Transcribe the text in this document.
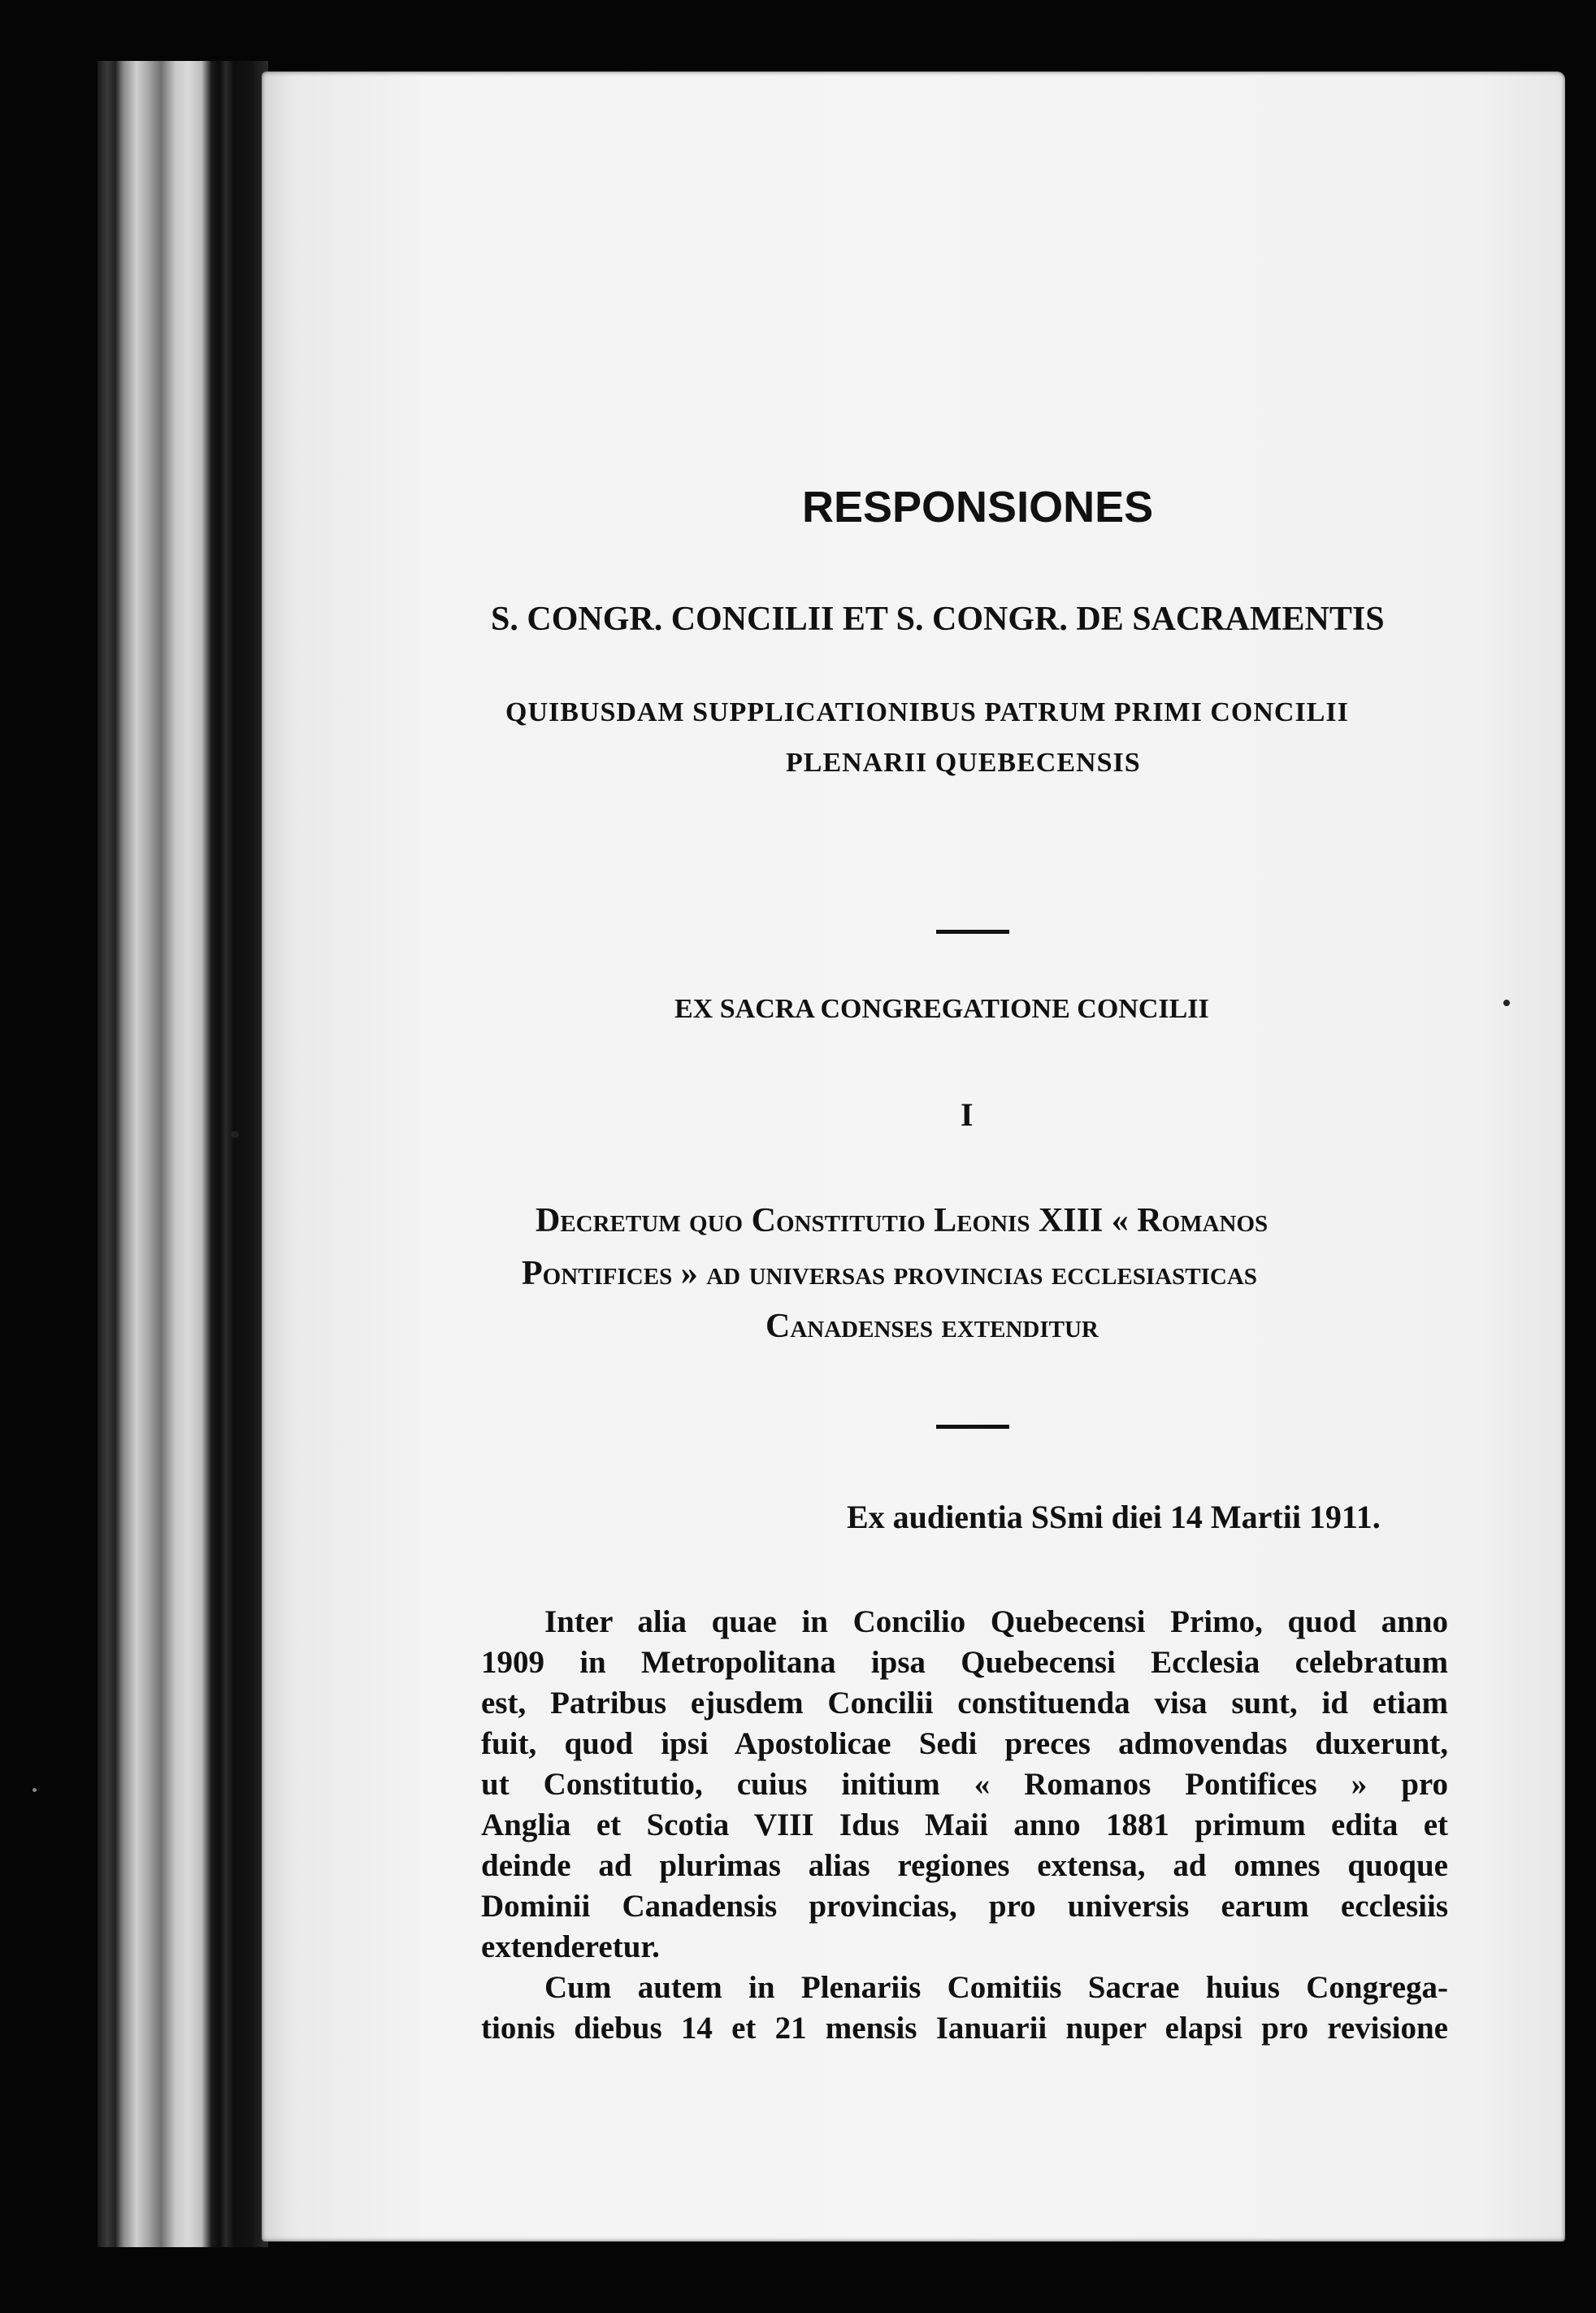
RESPONSIONES
S. CONGR. CONCILII ET S. CONGR. DE SACRAMENTIS
QUIBUSDAM SUPPLICATIONIBUS PATRUM PRIMI CONCILII
PLENARII QUEBECENSIS
EX SACRA CONGREGATIONE CONCILII
I
Decretum quo Constitutio Leonis XIII « Romanos
Pontifices » ad universas provincias ecclesiasticas
Canadenses extenditur
Ex audientia SSmi diei 14 Martii 1911.
Inter alia quae in Concilio Quebecensi Primo, quod anno
1909 in Metropolitana ipsa Quebecensi Ecclesia celebratum
est, Patribus ejusdem Concilii constituenda visa sunt, id etiam
fuit, quod ipsi Apostolicae Sedi preces admovendas duxerunt,
ut Constitutio, cuius initium « Romanos Pontifices » pro
Anglia et Scotia VIII Idus Maii anno 1881 primum edita et
deinde ad plurimas alias regiones extensa, ad omnes quoque
Dominii Canadensis provincias, pro universis earum ecclesiis
extenderetur.
Cum autem in Plenariis Comitiis Sacrae huius Congrega-
tionis diebus 14 et 21 mensis Ianuarii nuper elapsi pro revisione
